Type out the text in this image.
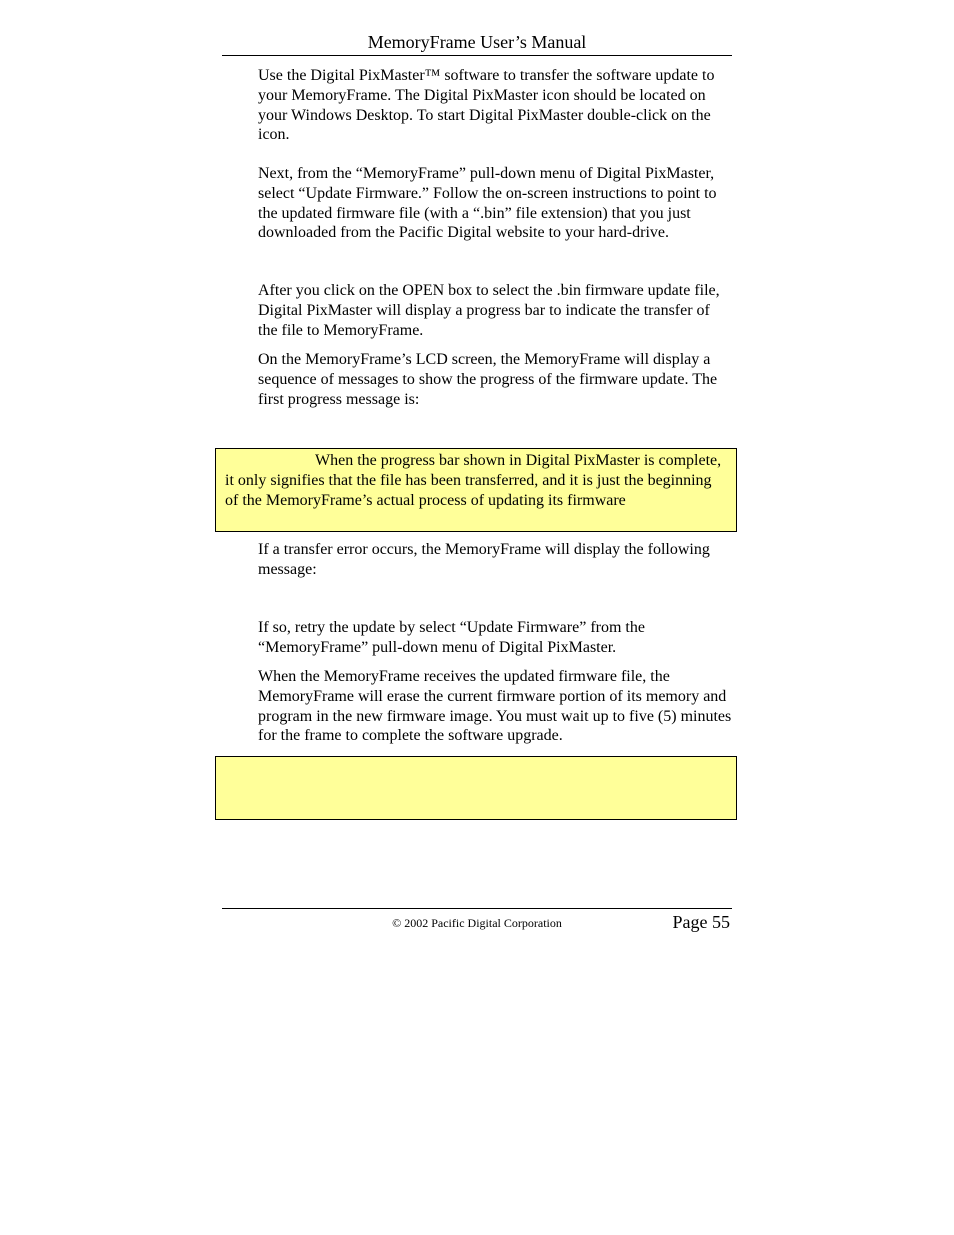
MemoryFrame User’s Manual

Use the Digital PixMaster™ software to transfer the software update to your MemoryFrame. The Digital PixMaster icon should be located on your Windows Desktop. To start Digital PixMaster double-click on the icon.

Next, from the “MemoryFrame” pull-down menu of Digital PixMaster, select “Update Firmware.” Follow the on-screen instructions to point to the updated firmware file (with a “.bin” file extension) that you just downloaded from the Pacific Digital website to your hard-drive.

After you click on the OPEN box to select the .bin firmware update file, Digital PixMaster will display a progress bar to indicate the transfer of the file to MemoryFrame.

On the MemoryFrame’s LCD screen, the MemoryFrame will display a sequence of messages to show the progress of the firmware update. The first progress message is:

When the progress bar shown in Digital PixMaster is complete, it only signifies that the file has been transferred, and it is just the beginning of the MemoryFrame’s actual process of updating its firmware

If a transfer error occurs, the MemoryFrame will display the following message:

If so, retry the update by select “Update Firmware” from the “MemoryFrame” pull-down menu of Digital PixMaster.

When the MemoryFrame receives the updated firmware file, the MemoryFrame will erase the current firmware portion of its memory and program in the new firmware image. You must wait up to five (5) minutes for the frame to complete the software upgrade.

© 2002 Pacific Digital Corporation	Page 55
